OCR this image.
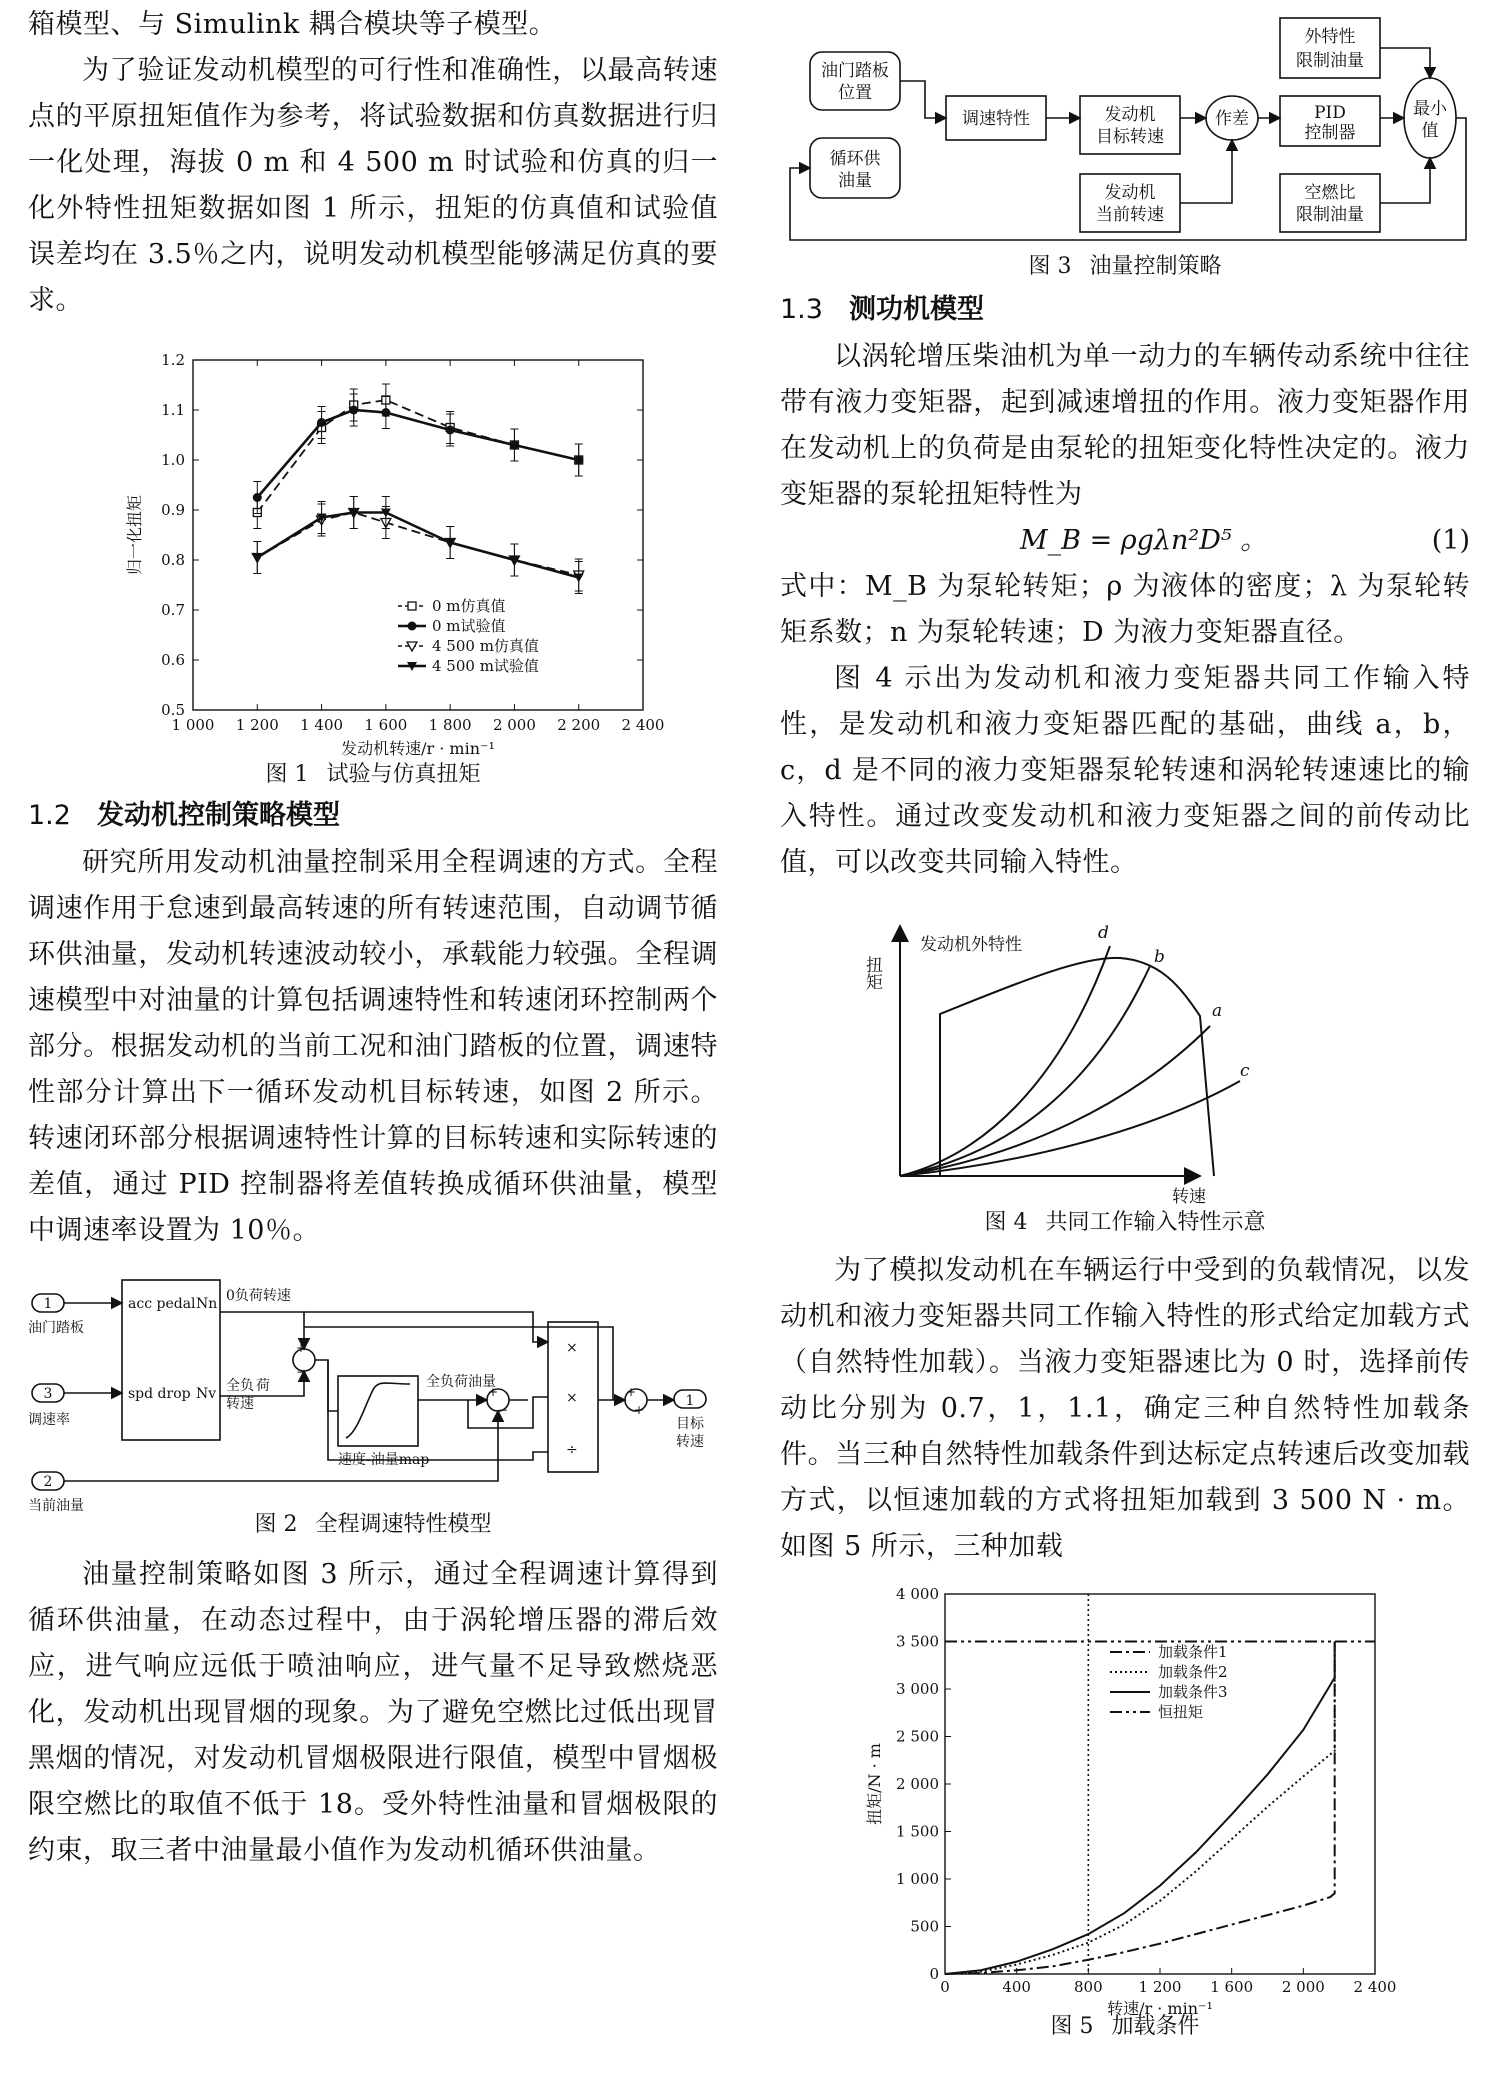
箱模型、与 Simulink 耦合模块等子模型。

为了验证发动机模型的可行性和准确性，以最高转速点的平原扭矩值作为参考，将试验数据和仿真数据进行归一化处理，海拔 0 m 和 4 500 m 时试验和仿真的归一化外特性扭矩数据如图 1 所示，扭矩的仿真值和试验值误差均在 3.5％之内，说明发动机模型能够满足仿真的要求。

1 000 1 200 1 400 1 600 1 800 2 000 2 200 2 400
0.5
0.6
0.7
0.8
0.9
1.0
1.1
1.2
发动机转速/r · min⁻¹
归一化扭矩
0 m仿真值
0 m试验值
4 500 m仿真值
4 500 m试验值

图 1 试验与仿真扭矩

1.2 发动机控制策略模型

研究所用发动机油量控制采用全程调速的方式。全程调速作用于怠速到最高转速的所有转速范围，自动调节循环供油量，发动机转速波动较小，承载能力较强。全程调速模型中对油量的计算包括调速特性和转速闭环控制两个部分。根据发动机的当前工况和油门踏板的位置，调速特性部分计算出下一循环发动机目标转速，如图 2 所示。转速闭环部分根据调速特性计算的目标转速和实际转速的差值，通过 PID 控制器将差值转换成循环供油量，模型中调速率设置为 10％。

1
3
2
油门踏板
调速率
当前油量
acc pedal Nn
spd drop Nv
0负荷转速
全负 荷
转速
全负荷油量
速度-油量map
×
×
÷
1
目标
转速
+
−
+
−
+
+

图 2 全程调速特性模型

油量控制策略如图 3 所示，通过全程调速计算得到循环供油量，在动态过程中，由于涡轮增压器的滞后效应，进气响应远低于喷油响应，进气量不足导致燃烧恶化，发动机出现冒烟的现象。为了避免空燃比过低出现冒黑烟的情况，对发动机冒烟极限进行限值，模型中冒烟极限空燃比的取值不低于 18。受外特性油量和冒烟极限的约束，取三者中油量最小值作为发动机循环供油量。

油门踏板
位置
循环供
油量
调速特性	发动机
目标转速
发动机
当前转速
作差	PID
控制器
外特性
限制油量
空燃比
限制油量
最小
值

图 3 油量控制策略

1.3 测功机模型

以涡轮增压柴油机为单一动力的车辆传动系统中往往带有液力变矩器，起到减速增扭的作用。液力变矩器作用在发动机上的负荷是由泵轮的扭矩变化特性决定的。液力变矩器的泵轮扭矩特性为

M_B = ρgλn²D⁵ 。	(1)

式中：M_B 为泵轮转矩；ρ 为液体的密度；λ 为泵轮转矩系数；n 为泵轮转速；D 为液力变矩器直径。

图 4 示出为发动机和液力变矩器共同工作输入特性，是发动机和液力变矩器匹配的基础，曲线 a，b，c，d 是不同的液力变矩器泵轮转速和涡轮转速速比的输入特性。通过改变发动机和液力变矩器之间的前传动比值，可以改变共同输入特性。

扭矩
转速
发动机外特性
d
b
a
c

图 4 共同工作输入特性示意

为了模拟发动机在车辆运行中受到的负载情况，以发动机和液力变矩器共同工作输入特性的形式给定加载方式（自然特性加载）。当液力变矩器速比为 0 时，选择前传动比分别为 0.7，1，1.1，确定三种自然特性加载条件。当三种自然特性加载条件到达标定点转速后改变加载方式，以恒速加载的方式将扭矩加载到 3 500 N · m。如图 5 所示，三种加载

0	400	800 1 200 1 600 2 000 2 400
0
500
1 000
1 500
2 000
2 500
3 000
3 500
4 000
转速/r · min⁻¹
扭矩/N · m
加载条件1
加载条件2
加载条件3
恒扭矩

图 5 加载条件
